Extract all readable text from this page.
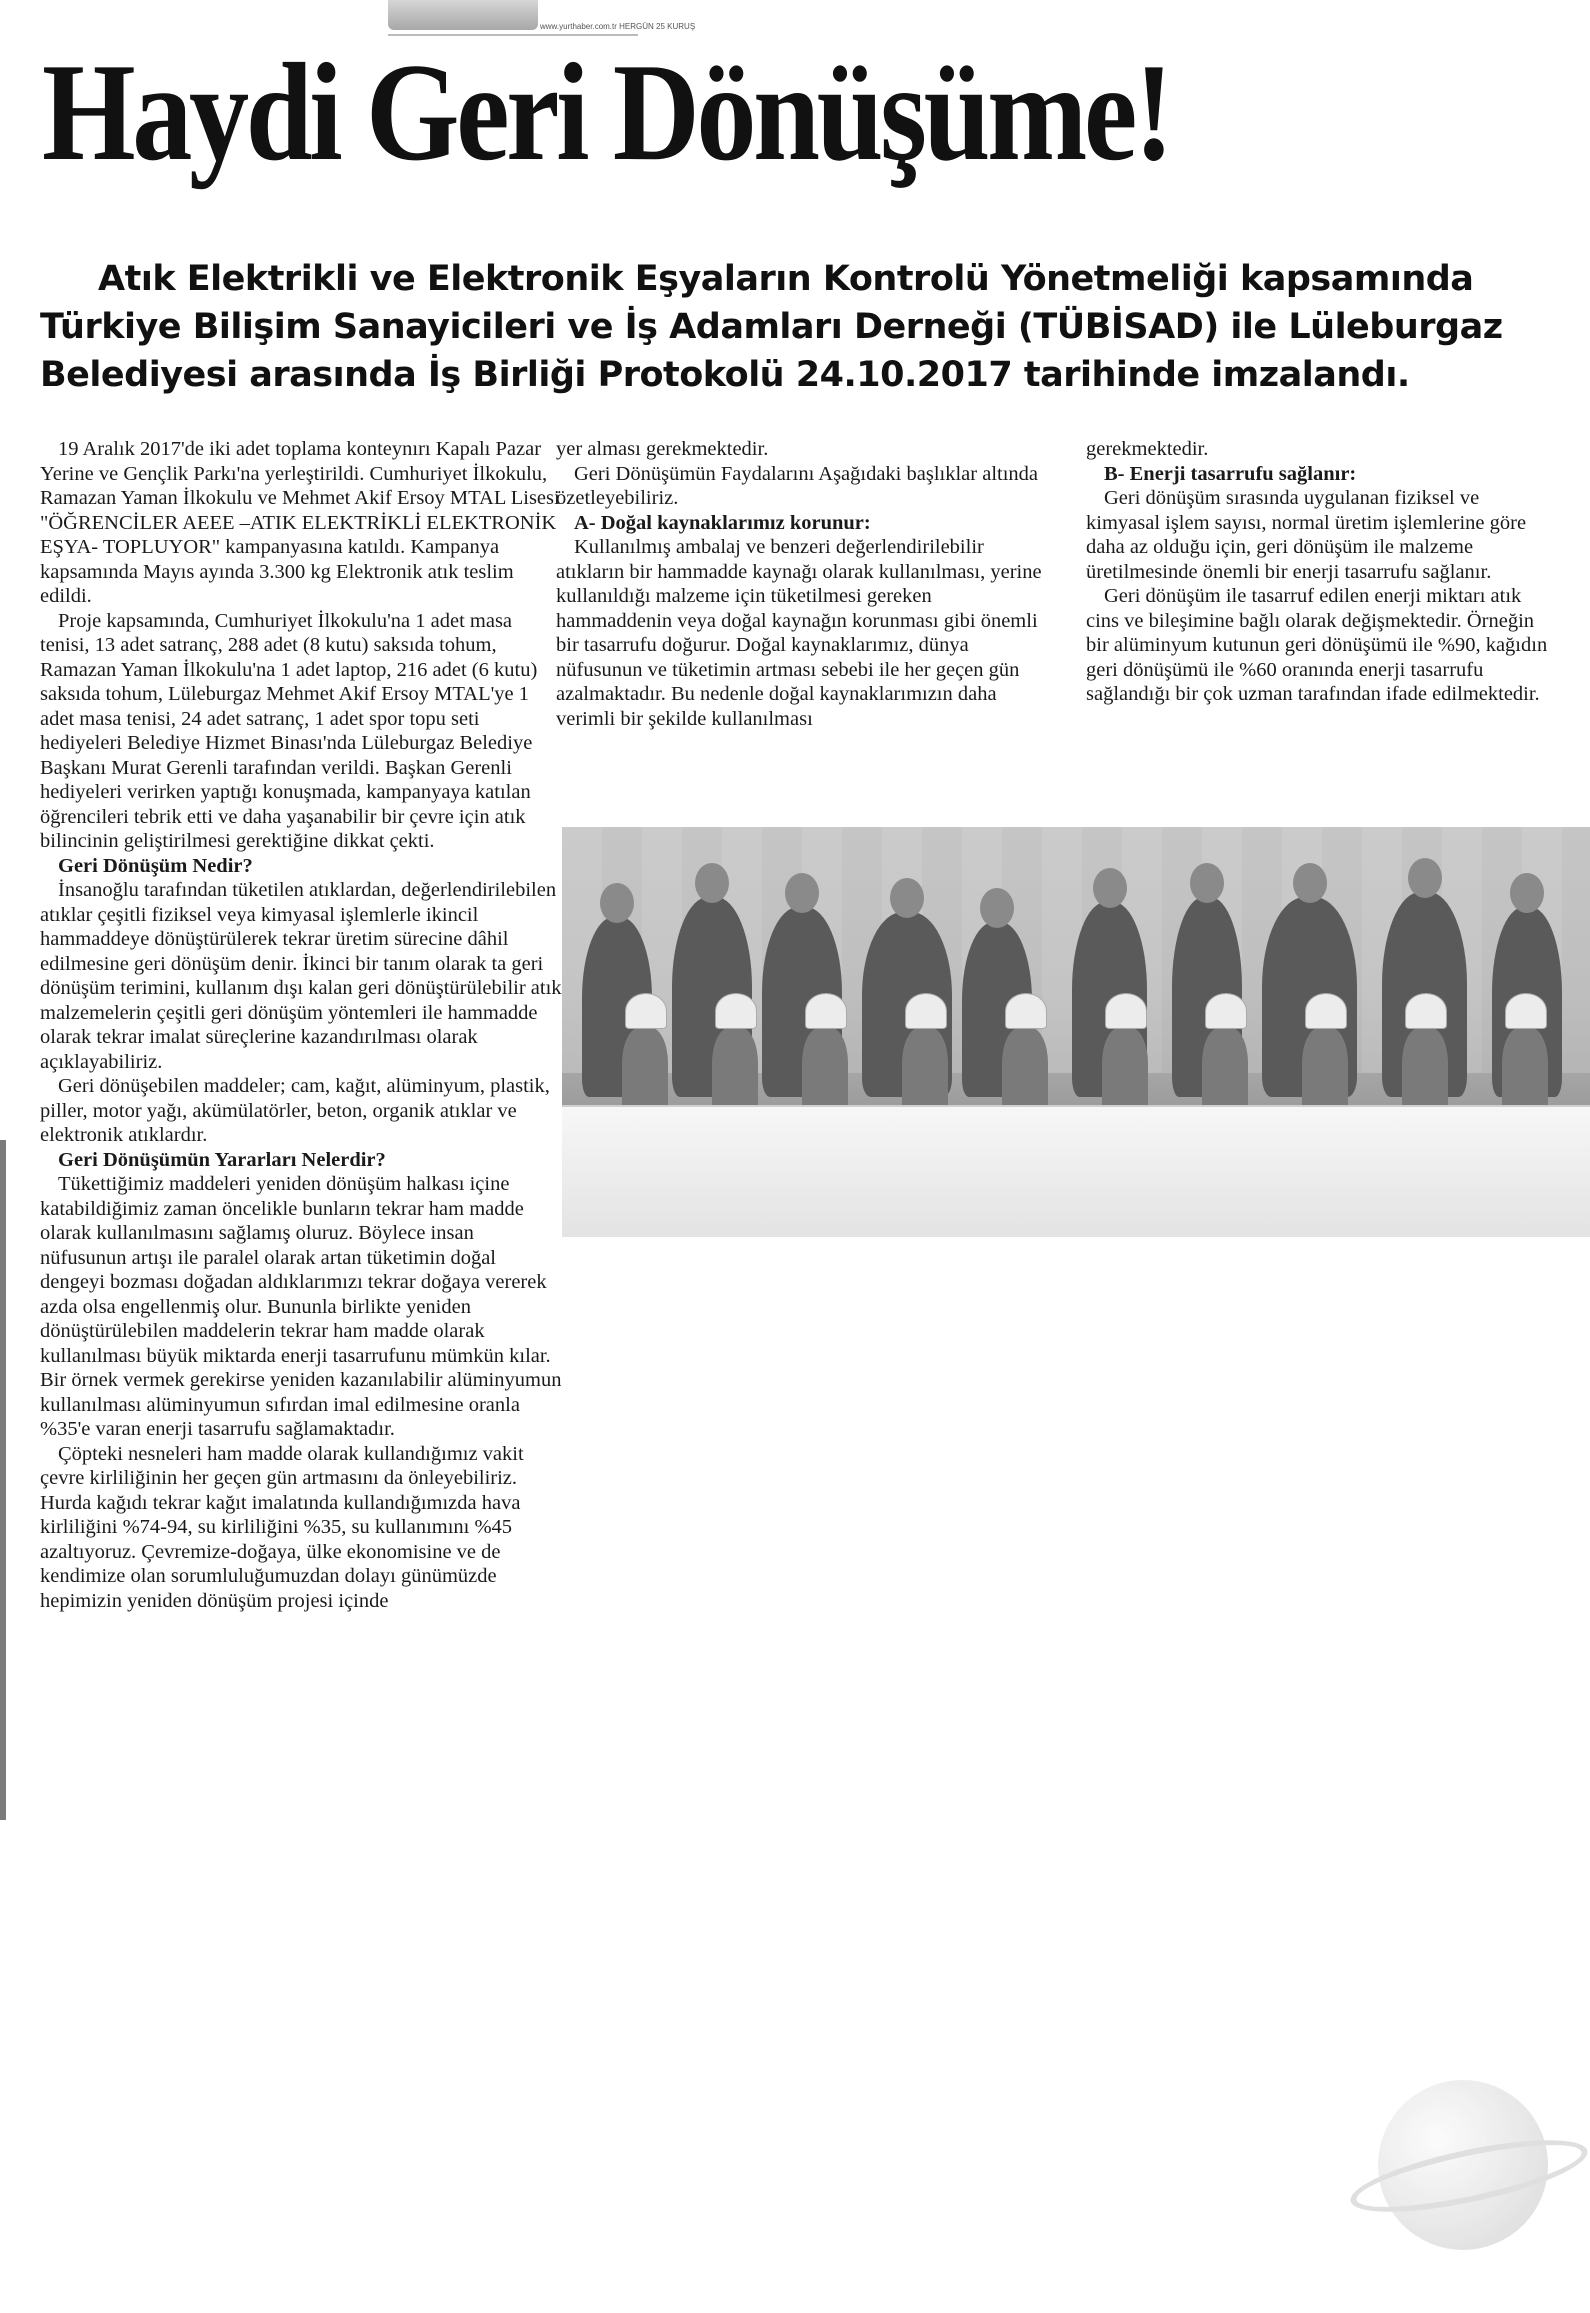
www.yurthaber.com.tr HERGÜN 25 KURUŞ
Haydi Geri Dönüşüme!
Atık Elektrikli ve Elektronik Eşyaların Kontrolü Yönetmeliği kapsamında
Türkiye Bilişim Sanayicileri ve İş Adamları Derneği (TÜBİSAD) ile Lüleburgaz
Belediyesi arasında İş Birliği Protokolü 24.10.2017 tarihinde imzalandı.

19 Aralık 2017'de iki adet toplama konteynırı Kapalı Pazar Yerine ve Gençlik Parkı'na yerleştirildi. Cumhuriyet İlkokulu, Ramazan Yaman İlkokulu ve Mehmet Akif Ersoy MTAL Lisesi "ÖĞRENCİLER AEEE –ATIK ELEKTRİKLİ ELEKTRONİK EŞYA- TOPLUYOR" kampanyasına katıldı. Kampanya kapsamında Mayıs ayında 3.300 kg Elektronik atık teslim edildi.

Proje kapsamında, Cumhuriyet İlkokulu'na 1 adet masa tenisi, 13 adet satranç, 288 adet (8 kutu) saksıda tohum, Ramazan Yaman İlkokulu'na 1 adet laptop, 216 adet (6 kutu) saksıda tohum, Lüleburgaz Mehmet Akif Ersoy MTAL'ye 1 adet masa tenisi, 24 adet satranç, 1 adet spor topu seti hediyeleri Belediye Hizmet Binası'nda Lüleburgaz Belediye Başkanı Murat Gerenli tarafından verildi. Başkan Gerenli hediyeleri verirken yaptığı konuşmada, kampanyaya katılan öğrencileri tebrik etti ve daha yaşanabilir bir çevre için atık bilincinin geliştirilmesi gerektiğine dikkat çekti.

Geri Dönüşüm Nedir?

İnsanoğlu tarafından tüketilen atıklardan, değerlendirilebilen atıklar çeşitli fiziksel veya kimyasal işlemlerle ikincil hammaddeye dönüştürülerek tekrar üretim sürecine dâhil edilmesine geri dönüşüm denir. İkinci bir tanım olarak ta geri dönüşüm terimini, kullanım dışı kalan geri dönüştürülebilir atık malzemelerin çeşitli geri dönüşüm yöntemleri ile hammadde olarak tekrar imalat süreçlerine kazandırılması olarak açıklayabiliriz.

Geri dönüşebilen maddeler; cam, kağıt, alüminyum, plastik, piller, motor yağı, akümülatörler, beton, organik atıklar ve elektronik atıklardır.

Geri Dönüşümün Yararları Nelerdir?

Tükettiğimiz maddeleri yeniden dönüşüm halkası içine katabildiğimiz zaman öncelikle bunların tekrar ham madde olarak kullanılmasını sağlamış oluruz. Böylece insan nüfusunun artışı ile paralel olarak artan tüketimin doğal dengeyi bozması doğadan aldıklarımızı tekrar doğaya vererek azda olsa engellenmiş olur. Bununla birlikte yeniden dönüştürülebilen maddelerin tekrar ham madde olarak kullanılması büyük miktarda enerji tasarrufunu mümkün kılar. Bir örnek vermek gerekirse yeniden kazanılabilir alüminyumun kullanılması alüminyumun sıfırdan imal edilmesine oranla %35'e varan enerji tasarrufu sağlamaktadır.

Çöpteki nesneleri ham madde olarak kullandığımız vakit çevre kirliliğinin her geçen gün artmasını da önleyebiliriz. Hurda kağıdı tekrar kağıt imalatında kullandığımızda hava kirliliğini %74-94, su kirliliğini %35, su kullanımını %45 azaltıyoruz. Çevremize-doğaya, ülke ekonomisine ve de kendimize olan sorumluluğumuzdan dolayı günümüzde hepimizin yeniden dönüşüm projesi içinde

yer alması gerekmektedir.

Geri Dönüşümün Faydalarını Aşağıdaki başlıklar altında özetleyebiliriz.

A- Doğal kaynaklarımız korunur:

Kullanılmış ambalaj ve benzeri değerlendirilebilir atıkların bir hammadde kaynağı olarak kullanılması, yerine kullanıldığı malzeme için tüketilmesi gereken hammaddenin veya doğal kaynağın korunması gibi önemli bir tasarrufu doğurur. Doğal kaynaklarımız, dünya nüfusunun ve tüketimin artması sebebi ile her geçen gün azalmaktadır. Bu nedenle doğal kaynaklarımızın daha verimli bir şekilde kullanılması

gerekmektedir.

B- Enerji tasarrufu sağlanır:

Geri dönüşüm sırasında uygulanan fiziksel ve kimyasal işlem sayısı, normal üretim işlemlerine göre daha az olduğu için, geri dönüşüm ile malzeme üretilmesinde önemli bir enerji tasarrufu sağlanır.

Geri dönüşüm ile tasarruf edilen enerji miktarı atık cins ve bileşimine bağlı olarak değişmektedir. Örneğin bir alüminyum kutunun geri dönüşümü ile %90, kağıdın geri dönüşümü ile %60 oranında enerji tasarrufu sağlandığı bir çok uzman tarafından ifade edilmektedir.
